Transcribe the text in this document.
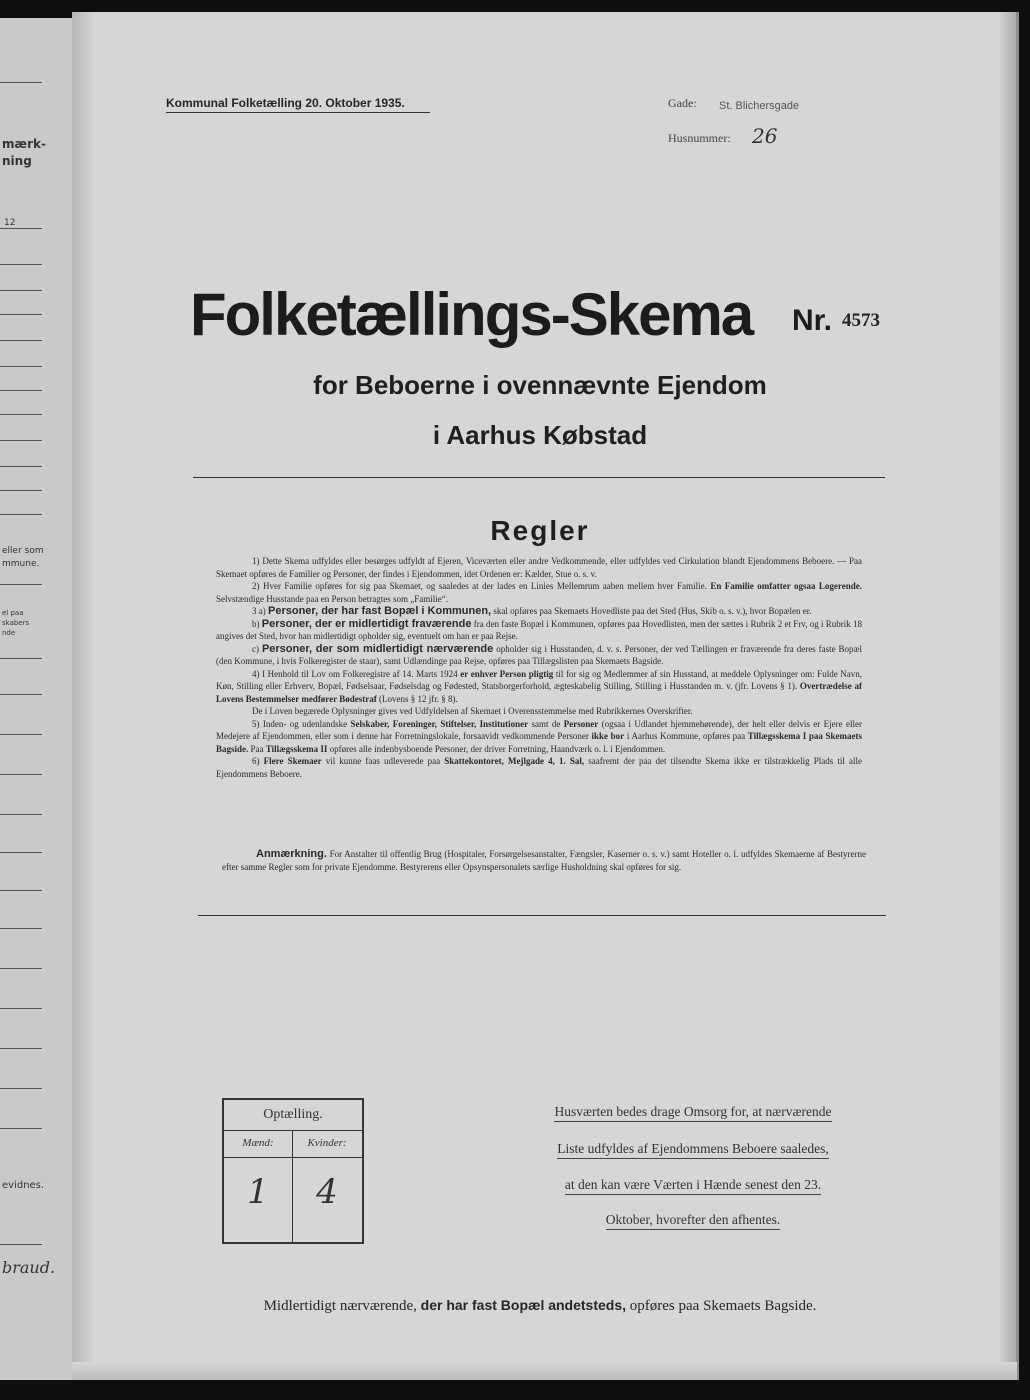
mærk-
ning
12
eller som
mmune.
el paa
skabers
nde
evidnes.
braud.
Kommunal Folketælling 20. Oktober 1935.	Gade: St. Blichersgade
Husnummer: 26
Folketællings-Skema Nr. 4573
for Beboerne i ovennævnte Ejendom
i Aarhus Købstad
Regler

1) Dette Skema udfyldes eller besørges udfyldt af Ejeren, Viceværten eller andre Vedkommende, eller udfyldes ved Cirkulation blandt Ejendommens Beboere. — Paa Skemaet opføres de Familier og Personer, der findes i Ejendommen, idet Ordenen er: Kælder, Stue o. s. v.

2) Hver Familie opføres for sig paa Skemaet, og saaledes at der lades en Linies Mellemrum aaben mellem hver Familie. En Familie omfatter ogsaa Logerende. Selvstændige Husstande paa en Person betragtes som „Familie“.

3 a) Personer, der har fast Bopæl i Kommunen, skal opføres paa Skemaets Hovedliste paa det Sted (Hus, Skib o. s. v.), hvor Bopælen er.

b) Personer, der er midlertidigt fraværende fra den faste Bopæl i Kommunen, opføres paa Hovedlisten, men der sættes i Rubrik 2 et Frv, og i Rubrik 18 angives det Sted, hvor han midlertidigt opholder sig, eventuelt om han er paa Rejse.

c) Personer, der som midlertidigt nærværende opholder sig i Husstanden, d. v. s. Personer, der ved Tællingen er fraværende fra deres faste Bopæl (den Kommune, i hvis Folkeregister de staar), samt Udlændinge paa Rejse, opføres paa Tillægslisten paa Skemaets Bagside.

4) I Henhold til Lov om Folkeregistre af 14. Marts 1924 er enhver Person pligtig til for sig og Medlemmer af sin Husstand, at meddele Oplysninger om: Fulde Navn, Køn, Stilling eller Erhverv, Bopæl, Fødselsaar, Fødselsdag og Fødested, Statsborgerforhold, ægteskabelig Stilling, Stilling i Husstanden m. v. (jfr. Lovens § 1). Overtrædelse af Lovens Bestemmelser medfører Bødestraf (Lovens § 12 jfr. § 8).

De i Loven begærede Oplysninger gives ved Udfyldelsen af Skemaet i Overensstemmelse med Rubrikkernes Overskrifter.

5) Inden- og udenlandske Selskaber, Foreninger, Stiftelser, Institutioner samt de Personer (ogsaa i Udlandet hjemmehørende), der helt eller delvis er Ejere eller Medejere af Ejendommen, eller som i denne har Forretningslokale, forsaavidt vedkommende Personer ikke bor i Aarhus Kommune, opføres paa Tillægsskema I paa Skemaets Bagside. Paa Tillægsskema II opføres alle indenbysboende Personer, der driver Forretning, Haandværk o. l. i Ejendommen.

6) Flere Skemaer vil kunne faas udleverede paa Skattekontoret, Mejlgade 4, 1. Sal, saafremt der paa det tilsendte Skema ikke er tilstrækkelig Plads til alle Ejendommens Beboere.

Anmærkning. For Anstalter til offentlig Brug (Hospitaler, Forsørgelsesanstalter, Fængsler, Kaserner o. s. v.) samt Hoteller o. l. udfyldes Skemaerne af Bestyrerne efter samme Regler som for private Ejendomme. Bestyrerens eller Opsynspersonalets særlige Husholdning skal opføres for sig.
Optælling.
Mænd:	Kvinder:
1	4
Husværten bedes drage Omsorg for, at nærværende
Liste udfyldes af Ejendommens Beboere saaledes,
at den kan være Værten i Hænde senest den 23.
Oktober, hvorefter den afhentes.
Midlertidigt nærværende, der har fast Bopæl andetsteds, opføres paa Skemaets Bagside.
